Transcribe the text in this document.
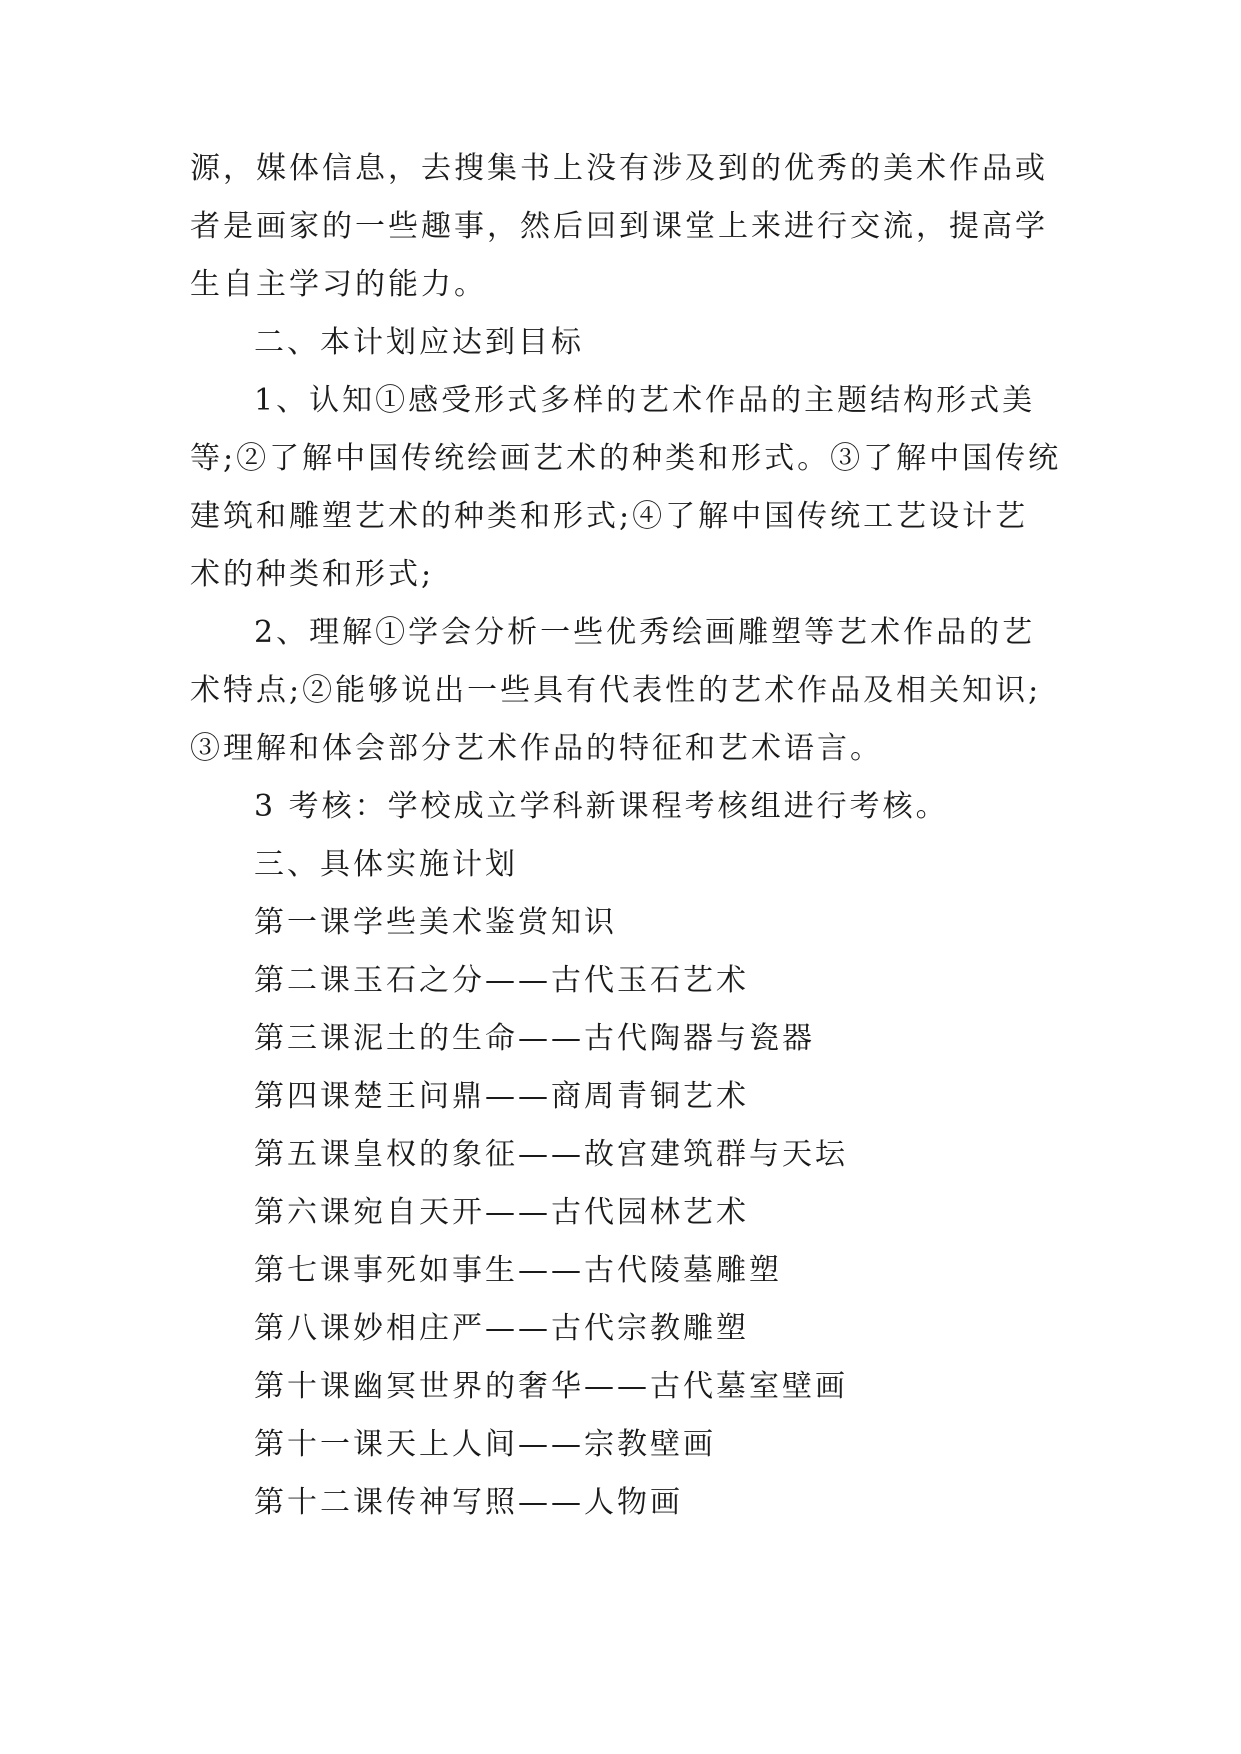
源，媒体信息，去搜集书上没有涉及到的优秀的美术作品或
者是画家的一些趣事，然后回到课堂上来进行交流，提高学
生自主学习的能力。
二、本计划应达到目标
1、认知①感受形式多样的艺术作品的主题结构形式美
等;②了解中国传统绘画艺术的种类和形式。③了解中国传统
建筑和雕塑艺术的种类和形式;④了解中国传统工艺设计艺
术的种类和形式;
2、理解①学会分析一些优秀绘画雕塑等艺术作品的艺
术特点;②能够说出一些具有代表性的艺术作品及相关知识;
③理解和体会部分艺术作品的特征和艺术语言。
3 考核：学校成立学科新课程考核组进行考核。
三、具体实施计划
第一课学些美术鉴赏知识
第二课玉石之分——古代玉石艺术
第三课泥土的生命——古代陶器与瓷器
第四课楚王问鼎——商周青铜艺术
第五课皇权的象征——故宫建筑群与天坛
第六课宛自天开——古代园林艺术
第七课事死如事生——古代陵墓雕塑
第八课妙相庄严——古代宗教雕塑
第十课幽冥世界的奢华——古代墓室壁画
第十一课天上人间——宗教壁画
第十二课传神写照——人物画
